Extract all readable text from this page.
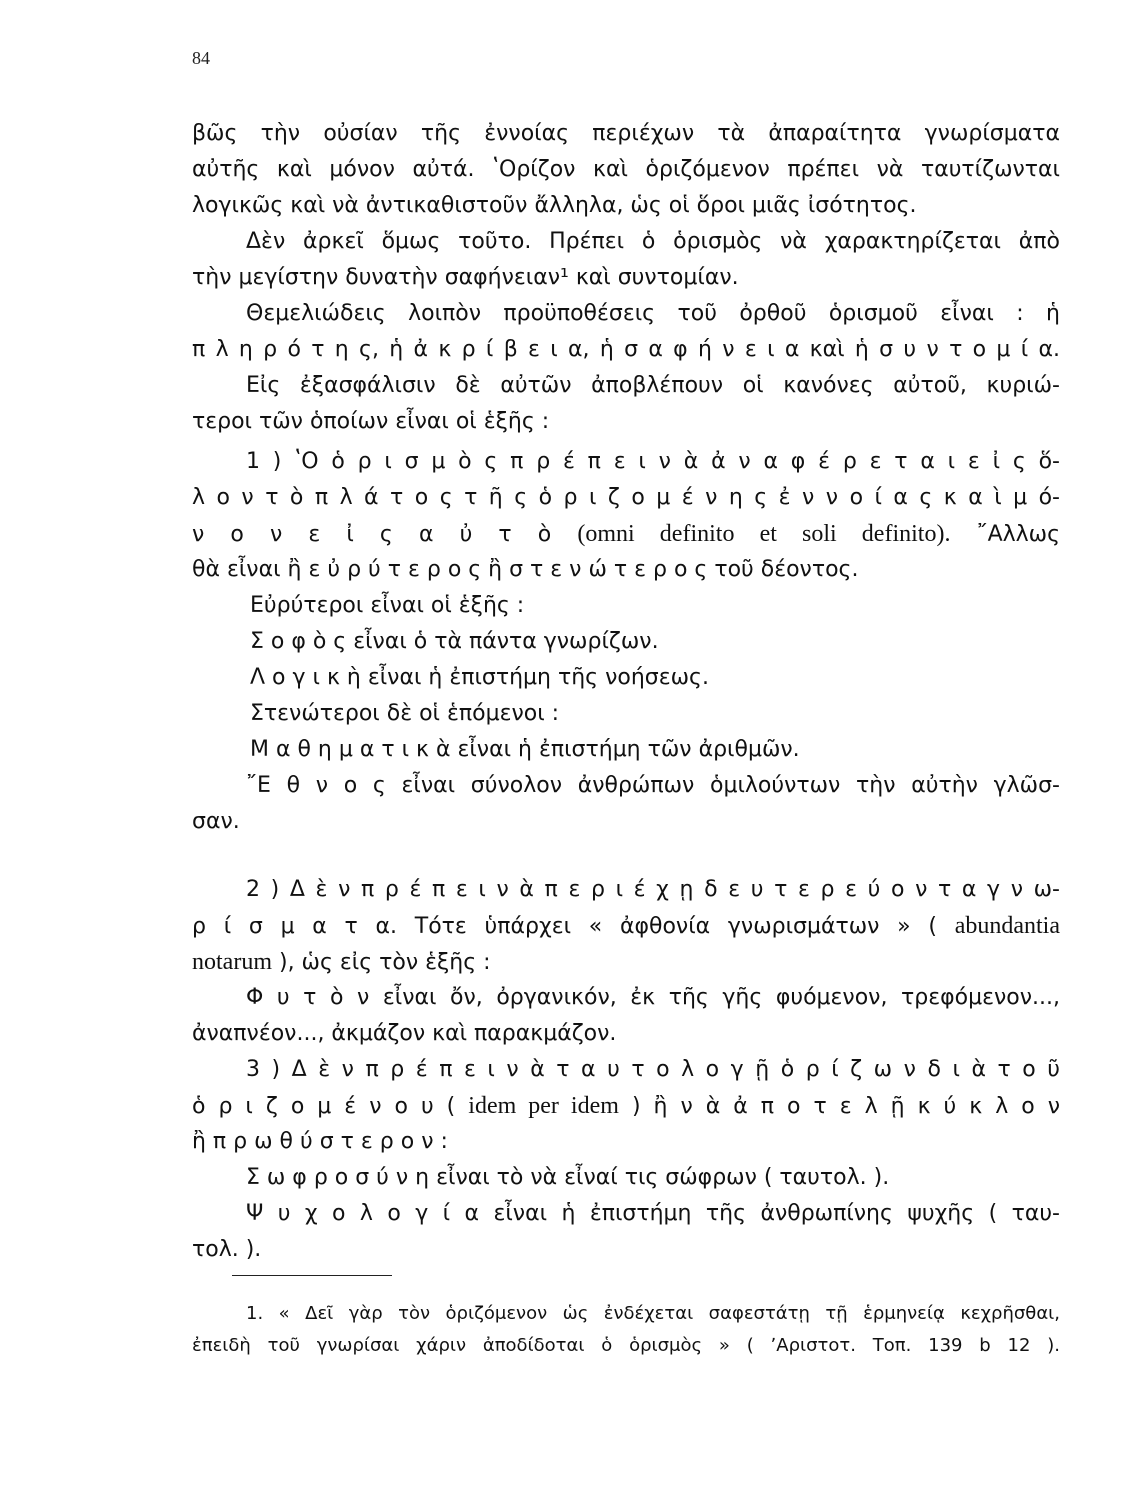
84
βῶς τὴν οὐσίαν τῆς ἐννοίας περιέχων τὰ ἀπαραίτητα γνωρίσματα
αὐτῆς καὶ μόνον αὐτά. ʽΟρίζον καὶ ὁριζόμενον πρέπει νὰ ταυτίζωνται
λογικῶς καὶ νὰ ἀντικαθιστοῦν ἄλληλα, ὡς οἱ ὅροι μιᾶς ἰσότητος.
Δὲν ἀρκεῖ ὅμως τοῦτο. Πρέπει ὁ ὁρισμὸς νὰ χαρακτηρίζεται ἀπὸ
τὴν μεγίστην δυνατὴν σαφήνειαν¹ καὶ συντομίαν.
Θεμελιώδεις λοιπὸν προϋποθέσεις τοῦ ὀρθοῦ ὁρισμοῦ εἶναι : ἡ
π λ η ρ ό τ η ς, ἡ ἀ κ ρ ί β ε ι α, ἡ σ α φ ή ν ε ι α καὶ ἡ σ υ ν τ ο μ ί α.
Εἰς ἐξασφάλισιν δὲ αὐτῶν ἀποβλέπουν οἱ κανόνες αὐτοῦ, κυριώ-
τεροι τῶν ὁποίων εἶναι οἱ ἑξῆς :
1 ) ʽΟ ὁ ρ ι σ μ ὸ ς π ρ έ π ε ι ν ὰ ἀ ν α φ έ ρ ε τ α ι ε ἰ ς ὅ-
λ ο ν τ ὸ π λ ά τ ο ς τ ῆ ς ὁ ρ ι ζ ο μ έ ν η ς ἐ ν ν ο ί α ς κ α ὶ μ ό-
ν ο ν ε ἰ ς α ὐ τ ὸ (omni definito et soli definito). ῎Αλλως
θὰ εἶναι ἢ ε ὐ ρ ύ τ ε ρ ο ς ἢ σ τ ε ν ώ τ ε ρ ο ς τοῦ δέοντος.
Εὐρύτεροι εἶναι οἱ ἑξῆς :
Σ ο φ ὸ ς εἶναι ὁ τὰ πάντα γνωρίζων.
Λ ο γ ι κ ὴ εἶναι ἡ ἐπιστήμη τῆς νοήσεως.
Στενώτεροι δὲ οἱ ἑπόμενοι :
Μ α θ η μ α τ ι κ ὰ εἶναι ἡ ἐπιστήμη τῶν ἀριθμῶν.
῎Ε θ ν ο ς εἶναι σύνολον ἀνθρώπων ὁμιλούντων τὴν αὐτὴν γλῶσ-
σαν.
2 ) Δ ὲ ν π ρ έ π ε ι ν ὰ π ε ρ ι έ χ ῃ δ ε υ τ ε ρ ε ύ ο ν τ α γ ν ω-
ρ ί σ μ α τ α. Τότε ὑπάρχει « ἀφθονία γνωρισμάτων » ( abundantia
notarum ), ὡς εἰς τὸν ἑξῆς :
Φ υ τ ὸ ν εἶναι ὄν, ὀργανικόν, ἐκ τῆς γῆς φυόμενον, τρεφόμενον...,
ἀναπνέον..., ἀκμάζον καὶ παρακμάζον.
3 ) Δ ὲ ν π ρ έ π ε ι ν ὰ τ α υ τ ο λ ο γ ῇ ὁ ρ ί ζ ω ν δ ι ὰ τ ο ῦ
ὁ ρ ι ζ ο μ έ ν ο υ ( idem per idem ) ἢ ν ὰ ἀ π ο τ ε λ ῇ κ ύ κ λ ο ν
ἢ π ρ ω θ ύ σ τ ε ρ ο ν :
Σ ω φ ρ ο σ ύ ν η εἶναι τὸ νὰ εἶναί τις σώφρων ( ταυτολ. ).
Ψ υ χ ο λ ο γ ί α εἶναι ἡ ἐπιστήμη τῆς ἀνθρωπίνης ψυχῆς ( ταυ-
τολ. ).
1. « Δεῖ γὰρ τὸν ὁριζόμενον ὡς ἐνδέχεται σαφεστάτῃ τῇ ἑρμηνείᾳ κεχρῆσθαι,
ἐπειδὴ τοῦ γνωρίσαι χάριν ἀποδίδοται ὁ ὁρισμὸς » ( ʼΑριστοτ. Τοπ. 139 b 12 ).
